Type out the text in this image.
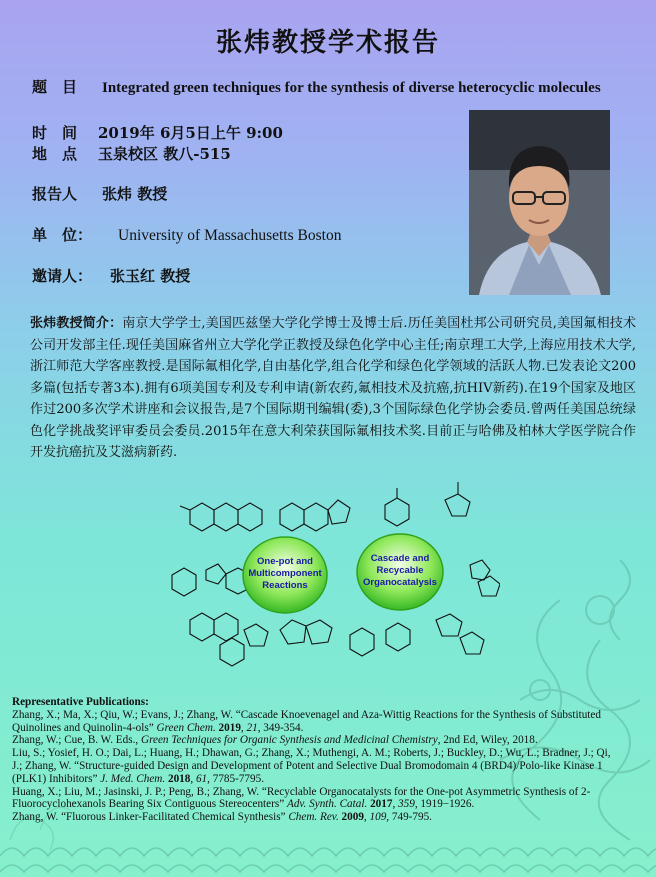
张炜教授学术报告
题　目 Integrated green techniques for the synthesis of diverse heterocyclic molecules
时　间 2019年 6月5日上午 9:00
地　点 玉泉校区 教八-515
报告人 张炜 教授
单　位： University of Massachusetts Boston
邀请人： 张玉红 教授
张炜教授简介：南京大学学士,美国匹兹堡大学化学博士及博士后.历任美国杜邦公司研究员,美国氟相技术公司开发部主任.现任美国麻省州立大学化学正教授及绿色化学中心主任;南京理工大学,上海应用技术大学,浙江师范大学客座教授.是国际氟相化学,自由基化学,组合化学和绿色化学领域的活跃人物.已发表论文200多篇(包括专著3本).拥有6项美国专利及专利申请(新农药,氟相技术及抗癌,抗HIV新药).在19个国家及地区作过200多次学术讲座和会议报告,是7个国际期刊编辑(委),3个国际绿色化学协会委员.曾两任美国总统绿色化学挑战奖评审委员会委员.2015年在意大利荣获国际氟相技术奖.目前正与哈佛及柏林大学医学院合作开发抗癌抗及艾滋病新药.
One-pot and
Multicomponent
Reactions
Cascade and
Recycable
Organocatalysis
Representative Publications:
Zhang, X.; Ma, X.; Qiu, W.; Evans, J.; Zhang, W. “Cascade Knoevenagel and Aza-Wittig Reactions for the Synthesis of Substituted Quinolines and Quinolin-4-ols” Green Chem. 2019, 21, 349-354.
Zhang, W.; Cue, B. W. Eds., Green Techniques for Organic Synthesis and Medicinal Chemistry, 2nd Ed, Wiley, 2018.
Liu, S.; Yosief, H. O.; Dai, L.; Huang, H.; Dhawan, G.; Zhang, X.; Muthengi, A. M.; Roberts, J.; Buckley, D.; Wu, L.; Bradner, J.; Qi, J.; Zhang, W. “Structure-guided Design and Development of Potent and Selective Dual Bromodomain 4 (BRD4)/Polo-like Kinase 1 (PLK1) Inhibitors” J. Med. Chem. 2018, 61, 7785-7795.
Huang, X.; Liu, M.; Jasinski, J. P.; Peng, B.; Zhang, W. “Recyclable Organocatalysts for the One-pot Asymmetric Synthesis of 2-Fluorocyclohexanols Bearing Six Contiguous Stereocenters” Adv. Synth. Catal. 2017, 359, 1919−1926.
Zhang, W. “Fluorous Linker-Facilitated Chemical Synthesis” Chem. Rev. 2009, 109, 749-795.
